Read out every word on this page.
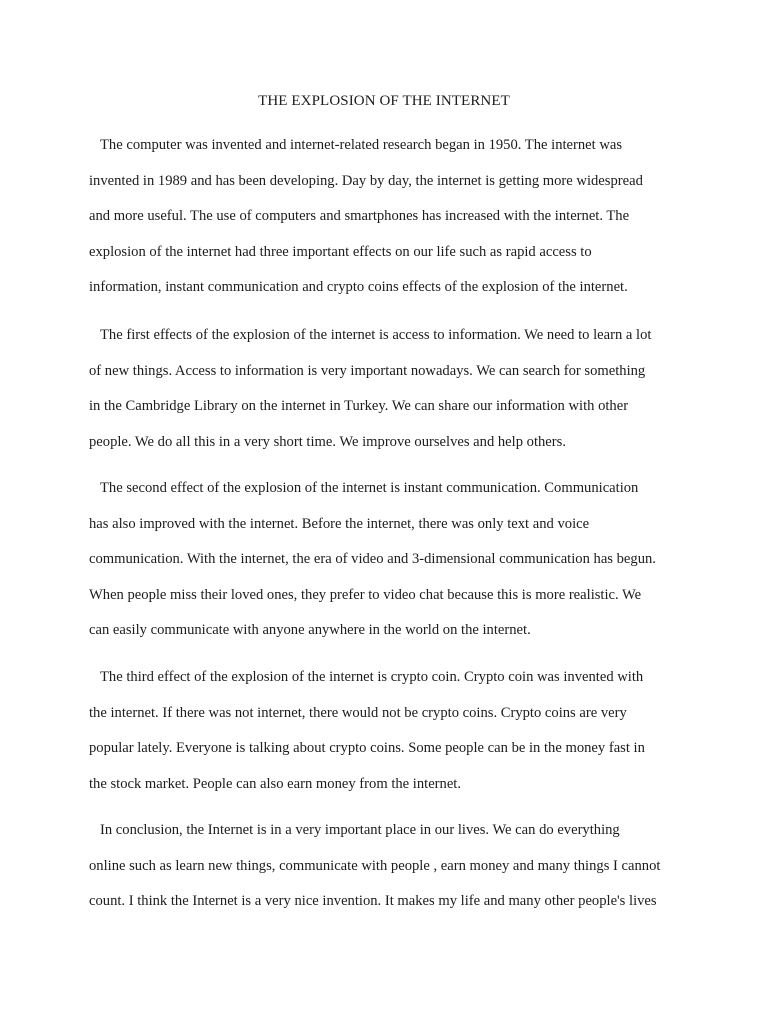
THE EXPLOSION OF THE INTERNET

The computer was invented and internet-related research began in 1950. The internet was
invented in 1989 and has been developing. Day by day, the internet is getting more widespread
and more useful. The use of computers and smartphones has increased with the internet. The
explosion of the internet had three important effects on our life such as rapid access to
information, instant communication and crypto coins effects of the explosion of the internet.

The first effects of the explosion of the internet is access to information. We need to learn a lot
of new things. Access to information is very important nowadays. We can search for something
in the Cambridge Library on the internet in Turkey. We can share our information with other
people. We do all this in a very short time. We improve ourselves and help others.

The second effect of the explosion of the internet is instant communication. Communication
has also improved with the internet. Before the internet, there was only text and voice
communication. With the internet, the era of video and 3-dimensional communication has begun.
When people miss their loved ones, they prefer to video chat because this is more realistic. We
can easily communicate with anyone anywhere in the world on the internet.

The third effect of the explosion of the internet is crypto coin. Crypto coin was invented with
the internet. If there was not internet, there would not be crypto coins. Crypto coins are very
popular lately. Everyone is talking about crypto coins. Some people can be in the money fast in
the stock market. People can also earn money from the internet.

In conclusion, the Internet is in a very important place in our lives. We can do everything
online such as learn new things, communicate with people , earn money and many things I cannot
count. I think the Internet is a very nice invention. It makes my life and many other people's lives
